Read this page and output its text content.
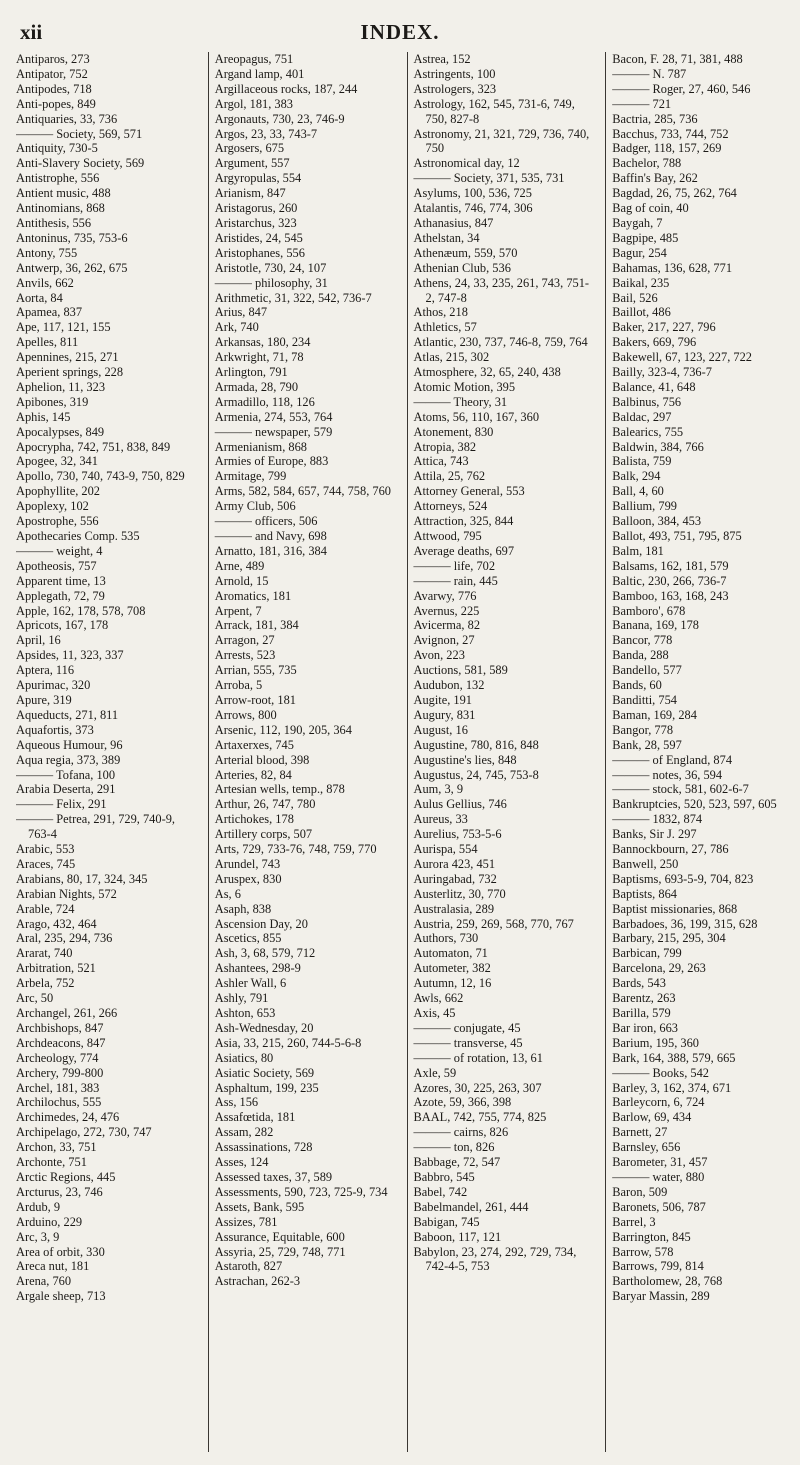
xii	INDEX.
Antiparos, 273
Antipator, 752
Antipodes, 718
Anti-popes, 849
Antiquaries, 33, 736
——— Society, 569, 571
Antiquity, 730-5
Anti-Slavery Society, 569
Antistrophe, 556
Antient music, 488
Antinomians, 868
Antithesis, 556
Antoninus, 735, 753-6
Antony, 755
Antwerp, 36, 262, 675
Anvils, 662
Aorta, 84
Apamea, 837
Ape, 117, 121, 155
Apelles, 811
Apennines, 215, 271
Aperient springs, 228
Aphelion, 11, 323
Apibones, 319
Aphis, 145
Apocalypses, 849
Apocrypha, 742, 751, 838, 849
Apogee, 32, 341
Apollo, 730, 740, 743-9, 750, 829
Apophyllite, 202
Apoplexy, 102
Apostrophe, 556
Apothecaries Comp. 535
——— weight, 4
Apotheosis, 757
Apparent time, 13
Applegath, 72, 79
Apple, 162, 178, 578, 708
Apricots, 167, 178
April, 16
Apsides, 11, 323, 337
Aptera, 116
Apurimac, 320
Apure, 319
Aqueducts, 271, 811
Aquafortis, 373
Aqueous Humour, 96
Aqua regia, 373, 389
——— Tofana, 100
Arabia Deserta, 291
——— Felix, 291
——— Petrea, 291, 729, 740-9, 763-4
Arabic, 553
Araces, 745
Arabians, 80, 17, 324, 345
Arabian Nights, 572
Arable, 724
Arago, 432, 464
Aral, 235, 294, 736
Ararat, 740
Arbitration, 521
Arbela, 752
Arc, 50
Archangel, 261, 266
Archbishops, 847
Archdeacons, 847
Archeology, 774
Archery, 799-800
Archel, 181, 383
Archilochus, 555
Archimedes, 24, 476
Archipelago, 272, 730, 747
Archon, 33, 751
Archonte, 751
Arctic Regions, 445
Arcturus, 23, 746
Ardub, 9
Arduino, 229
Arc, 3, 9
Area of orbit, 330
Areca nut, 181
Arena, 760
Argale sheep, 713
Areopagus, 751
Argand lamp, 401
Argillaceous rocks, 187, 244
Argol, 181, 383
Argonauts, 730, 23, 746-9
Argos, 23, 33, 743-7
Argosers, 675
Argument, 557
Argyropulas, 554
Arianism, 847
Aristagorus, 260
Aristarchus, 323
Aristides, 24, 545
Aristophanes, 556
Aristotle, 730, 24, 107
——— philosophy, 31
Arithmetic, 31, 322, 542, 736-7
Arius, 847
Ark, 740
Arkansas, 180, 234
Arkwright, 71, 78
Arlington, 791
Armada, 28, 790
Armadillo, 118, 126
Armenia, 274, 553, 764
——— newspaper, 579
Armenianism, 868
Armies of Europe, 883
Armitage, 799
Arms, 582, 584, 657, 744, 758, 760
Army Club, 506
——— officers, 506
——— and Navy, 698
Arnatto, 181, 316, 384
Arne, 489
Arnold, 15
Aromatics, 181
Arpent, 7
Arrack, 181, 384
Arragon, 27
Arrests, 523
Arrian, 555, 735
Arroba, 5
Arrow-root, 181
Arrows, 800
Arsenic, 112, 190, 205, 364
Artaxerxes, 745
Arterial blood, 398
Arteries, 82, 84
Artesian wells, temp., 878
Arthur, 26, 747, 780
Artichokes, 178
Artillery corps, 507
Arts, 729, 733-76, 748, 759, 770
Arundel, 743
Aruspex, 830
As, 6
Asaph, 838
Ascension Day, 20
Ascetics, 855
Ash, 3, 68, 579, 712
Ashantees, 298-9
Ashler Wall, 6
Ashly, 791
Ashton, 653
Ash-Wednesday, 20
Asia, 33, 215, 260, 744-5-6-8
Asiatics, 80
Asiatic Society, 569
Asphaltum, 199, 235
Ass, 156
Assafœtida, 181
Assam, 282
Assassinations, 728
Asses, 124
Assessed taxes, 37, 589
Assessments, 590, 723, 725-9, 734
Assets, Bank, 595
Assizes, 781
Assurance, Equitable, 600
Assyria, 25, 729, 748, 771
Astaroth, 827
Astrachan, 262-3
Astrea, 152
Astringents, 100
Astrologers, 323
Astrology, 162, 545, 731-6, 749, 750, 827-8
Astronomy, 21, 321, 729, 736, 740, 750
Astronomical day, 12
——— Society, 371, 535, 731
Asylums, 100, 536, 725
Atalantis, 746, 774, 306
Athanasius, 847
Athelstan, 34
Athenæum, 559, 570
Athenian Club, 536
Athens, 24, 33, 235, 261, 743, 751-2, 747-8
Athos, 218
Athletics, 57
Atlantic, 230, 737, 746-8, 759, 764
Atlas, 215, 302
Atmosphere, 32, 65, 240, 438
Atomic Motion, 395
——— Theory, 31
Atoms, 56, 110, 167, 360
Atonement, 830
Atropia, 382
Attica, 743
Attila, 25, 762
Attorney General, 553
Attorneys, 524
Attraction, 325, 844
Attwood, 795
Average deaths, 697
——— life, 702
——— rain, 445
Avarwy, 776
Avernus, 225
Avicerma, 82
Avignon, 27
Avon, 223
Auctions, 581, 589
Audubon, 132
Augite, 191
Augury, 831
August, 16
Augustine, 780, 816, 848
Augustine's lies, 848
Augustus, 24, 745, 753-8
Aum, 3, 9
Aulus Gellius, 746
Aureus, 33
Aurelius, 753-5-6
Aurispa, 554
Aurora 423, 451
Auringabad, 732
Austerlitz, 30, 770
Australasia, 289
Austria, 259, 269, 568, 770, 767
Authors, 730
Automaton, 71
Autometer, 382
Autumn, 12, 16
Awls, 662
Axis, 45
——— conjugate, 45
——— transverse, 45
——— of rotation, 13, 61
Axle, 59
Azores, 30, 225, 263, 307
Azote, 59, 366, 398
BAAL, 742, 755, 774, 825
——— cairns, 826
——— ton, 826
Babbage, 72, 547
Babbro, 545
Babel, 742
Babelmandel, 261, 444
Babigan, 745
Baboon, 117, 121
Babylon, 23, 274, 292, 729, 734, 742-4-5, 753
Bacon, F. 28, 71, 381, 488
——— N. 787
——— Roger, 27, 460, 546
——— 721
Bactria, 285, 736
Bacchus, 733, 744, 752
Badger, 118, 157, 269
Bachelor, 788
Baffin's Bay, 262
Bagdad, 26, 75, 262, 764
Bag of coin, 40
Baygah, 7
Bagpipe, 485
Bagur, 254
Bahamas, 136, 628, 771
Baikal, 235
Bail, 526
Baillot, 486
Baker, 217, 227, 796
Bakers, 669, 796
Bakewell, 67, 123, 227, 722
Bailly, 323-4, 736-7
Balance, 41, 648
Balbinus, 756
Baldac, 297
Balearics, 755
Baldwin, 384, 766
Balista, 759
Balk, 294
Ball, 4, 60
Ballium, 799
Balloon, 384, 453
Ballot, 493, 751, 795, 875
Balm, 181
Balsams, 162, 181, 579
Baltic, 230, 266, 736-7
Bamboo, 163, 168, 243
Bamboro', 678
Banana, 169, 178
Bancor, 778
Banda, 288
Bandello, 577
Bands, 60
Banditti, 754
Baman, 169, 284
Bangor, 778
Bank, 28, 597
——— of England, 874
——— notes, 36, 594
——— stock, 581, 602-6-7
Bankruptcies, 520, 523, 597, 605
——— 1832, 874
Banks, Sir J. 297
Bannockbourn, 27, 786
Banwell, 250
Baptisms, 693-5-9, 704, 823
Baptists, 864
Baptist missionaries, 868
Barbadoes, 36, 199, 315, 628
Barbary, 215, 295, 304
Barbican, 799
Barcelona, 29, 263
Bards, 543
Barentz, 263
Barilla, 579
Bar iron, 663
Barium, 195, 360
Bark, 164, 388, 579, 665
——— Books, 542
Barley, 3, 162, 374, 671
Barleycorn, 6, 724
Barlow, 69, 434
Barnett, 27
Barnsley, 656
Barometer, 31, 457
——— water, 880
Baron, 509
Baronets, 506, 787
Barrel, 3
Barrington, 845
Barrow, 578
Barrows, 799, 814
Bartholomew, 28, 768
Baryar Massin, 289
